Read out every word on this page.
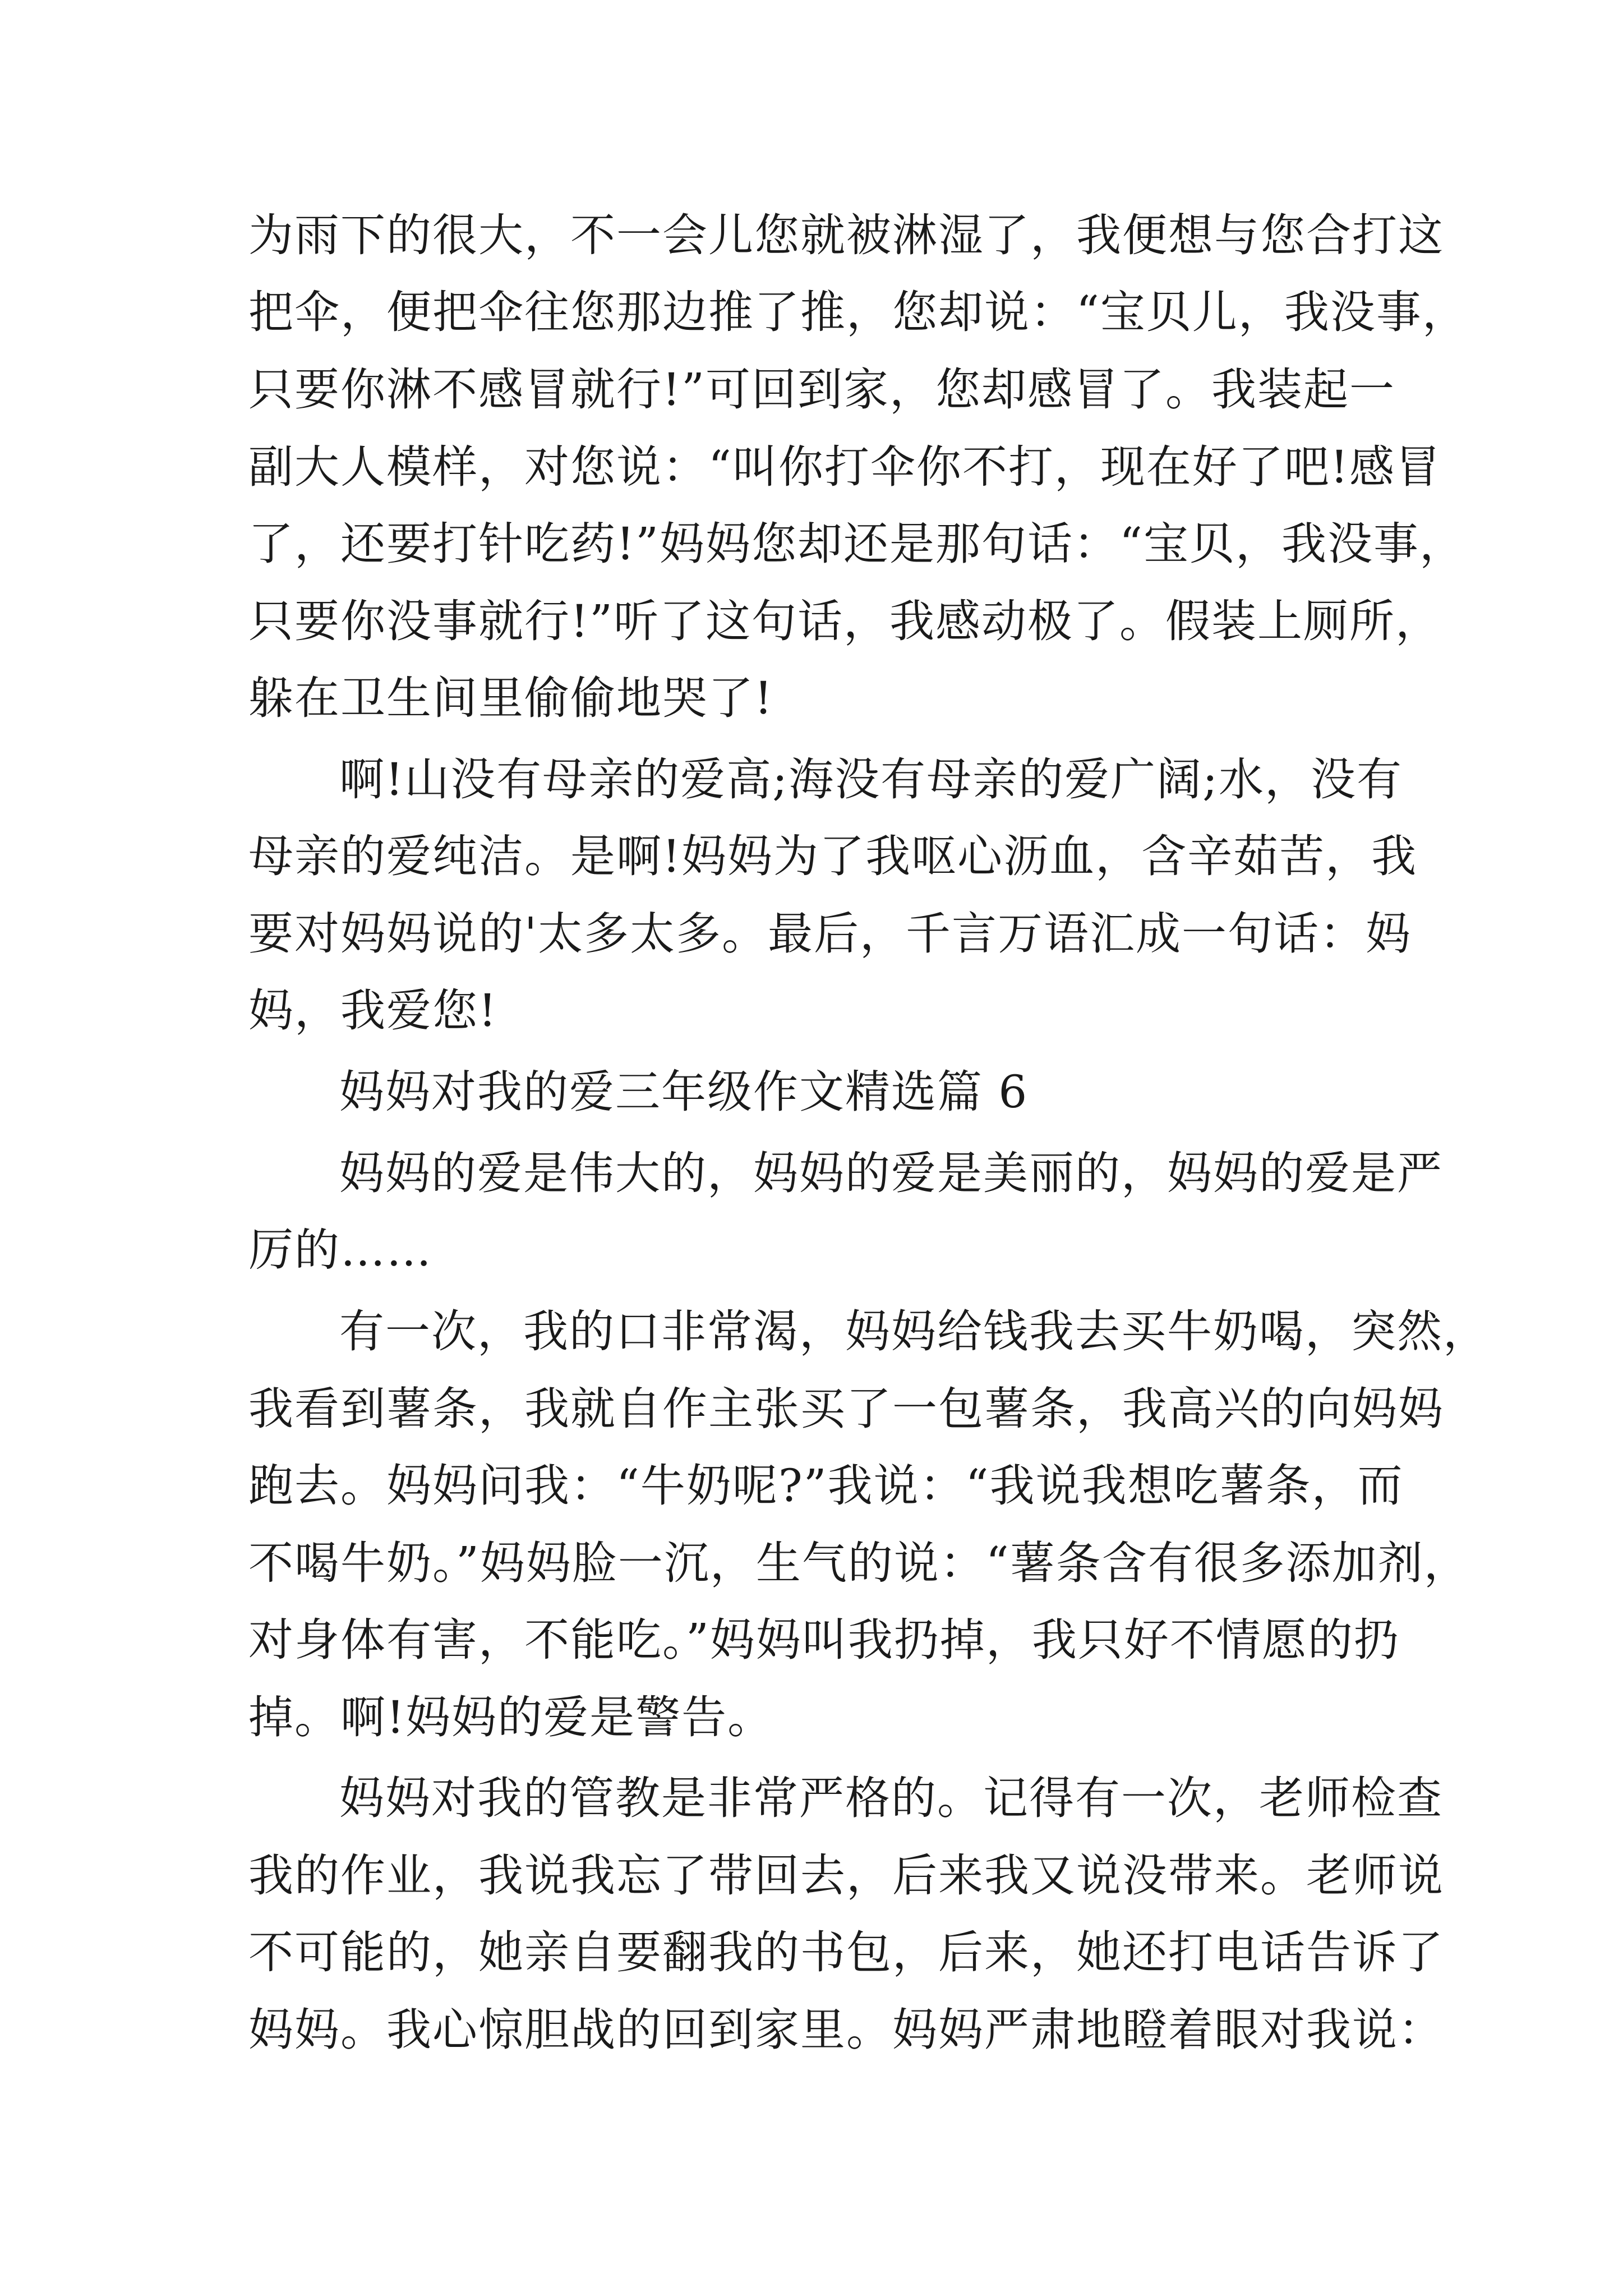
为雨下的很大，不一会儿您就被淋湿了，我便想与您合打这
把伞，便把伞往您那边推了推，您却说：“宝贝儿，我没事，
只要你淋不感冒就行!”可回到家，您却感冒了。我装起一
副大人模样，对您说：“叫你打伞你不打，现在好了吧!感冒
了，还要打针吃药!”妈妈您却还是那句话：“宝贝，我没事，
只要你没事就行!”听了这句话，我感动极了。假装上厕所，
躲在卫生间里偷偷地哭了!
啊!山没有母亲的爱高;海没有母亲的爱广阔;水，没有
母亲的爱纯洁。是啊!妈妈为了我呕心沥血，含辛茹苦，我
要对妈妈说的'太多太多。最后，千言万语汇成一句话：妈
妈，我爱您!
妈妈对我的爱三年级作文精选篇 6
妈妈的爱是伟大的，妈妈的爱是美丽的，妈妈的爱是严
厉的……
有一次，我的口非常渴，妈妈给钱我去买牛奶喝，突然，
我看到薯条，我就自作主张买了一包薯条，我高兴的向妈妈
跑去。妈妈问我：“牛奶呢?”我说：“我说我想吃薯条，而
不喝牛奶。”妈妈脸一沉，生气的说：“薯条含有很多添加剂，
对身体有害，不能吃。”妈妈叫我扔掉，我只好不情愿的扔
掉。啊!妈妈的爱是警告。
妈妈对我的管教是非常严格的。记得有一次，老师检查
我的作业，我说我忘了带回去，后来我又说没带来。老师说
不可能的，她亲自要翻我的书包，后来，她还打电话告诉了
妈妈。我心惊胆战的回到家里。妈妈严肃地瞪着眼对我说：
